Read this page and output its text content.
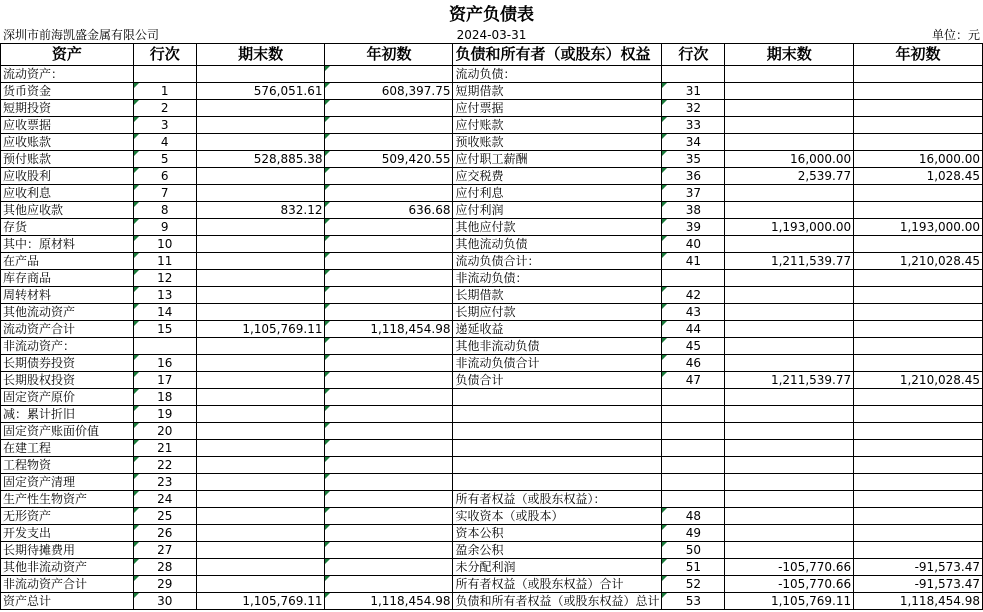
资产负债表
深圳市前海凯盛金属有限公司	2024-03-31	单位：元
资产	行次	期末数	年初数	负债和所有者（或股东）权益	行次	期末数	年初数
流动资产：				流动负债：			
货币资金	1	576,051.61	608,397.75	短期借款	31		
短期投资	2			应付票据	32		
应收票据	3			应付账款	33		
应收账款	4			预收账款	34		
预付账款	5	528,885.38	509,420.55	应付职工薪酬	35	16,000.00	16,000.00
应收股利	6			应交税费	36	2,539.77	1,028.45
应收利息	7			应付利息	37		
其他应收款	8	832.12	636.68	应付利润	38		
存货	9			其他应付款	39	1,193,000.00	1,193,000.00
其中：原材料	10			其他流动负债	40		
在产品	11			流动负债合计：	41	1,211,539.77	1,210,028.45
库存商品	12			非流动负债：			
周转材料	13			长期借款	42		
其他流动资产	14			长期应付款	43		
流动资产合计	15	1,105,769.11	1,118,454.98	递延收益	44		
非流动资产：				其他非流动负债	45		
长期债券投资	16			非流动负债合计	46		
长期股权投资	17			负债合计	47	1,211,539.77	1,210,028.45
固定资产原价	18						
减：累计折旧	19						
固定资产账面价值	20						
在建工程	21						
工程物资	22						
固定资产清理	23						
生产性生物资产	24			所有者权益（或股东权益）：			
无形资产	25			实收资本（或股本）	48		
开发支出	26			资本公积	49		
长期待摊费用	27			盈余公积	50		
其他非流动资产	28			未分配利润	51	-105,770.66	-91,573.47
非流动资产合计	29			所有者权益（或股东权益）合计	52	-105,770.66	-91,573.47
资产总计	30	1,105,769.11	1,118,454.98	负债和所有者权益（或股东权益）总计	53	1,105,769.11	1,118,454.98
